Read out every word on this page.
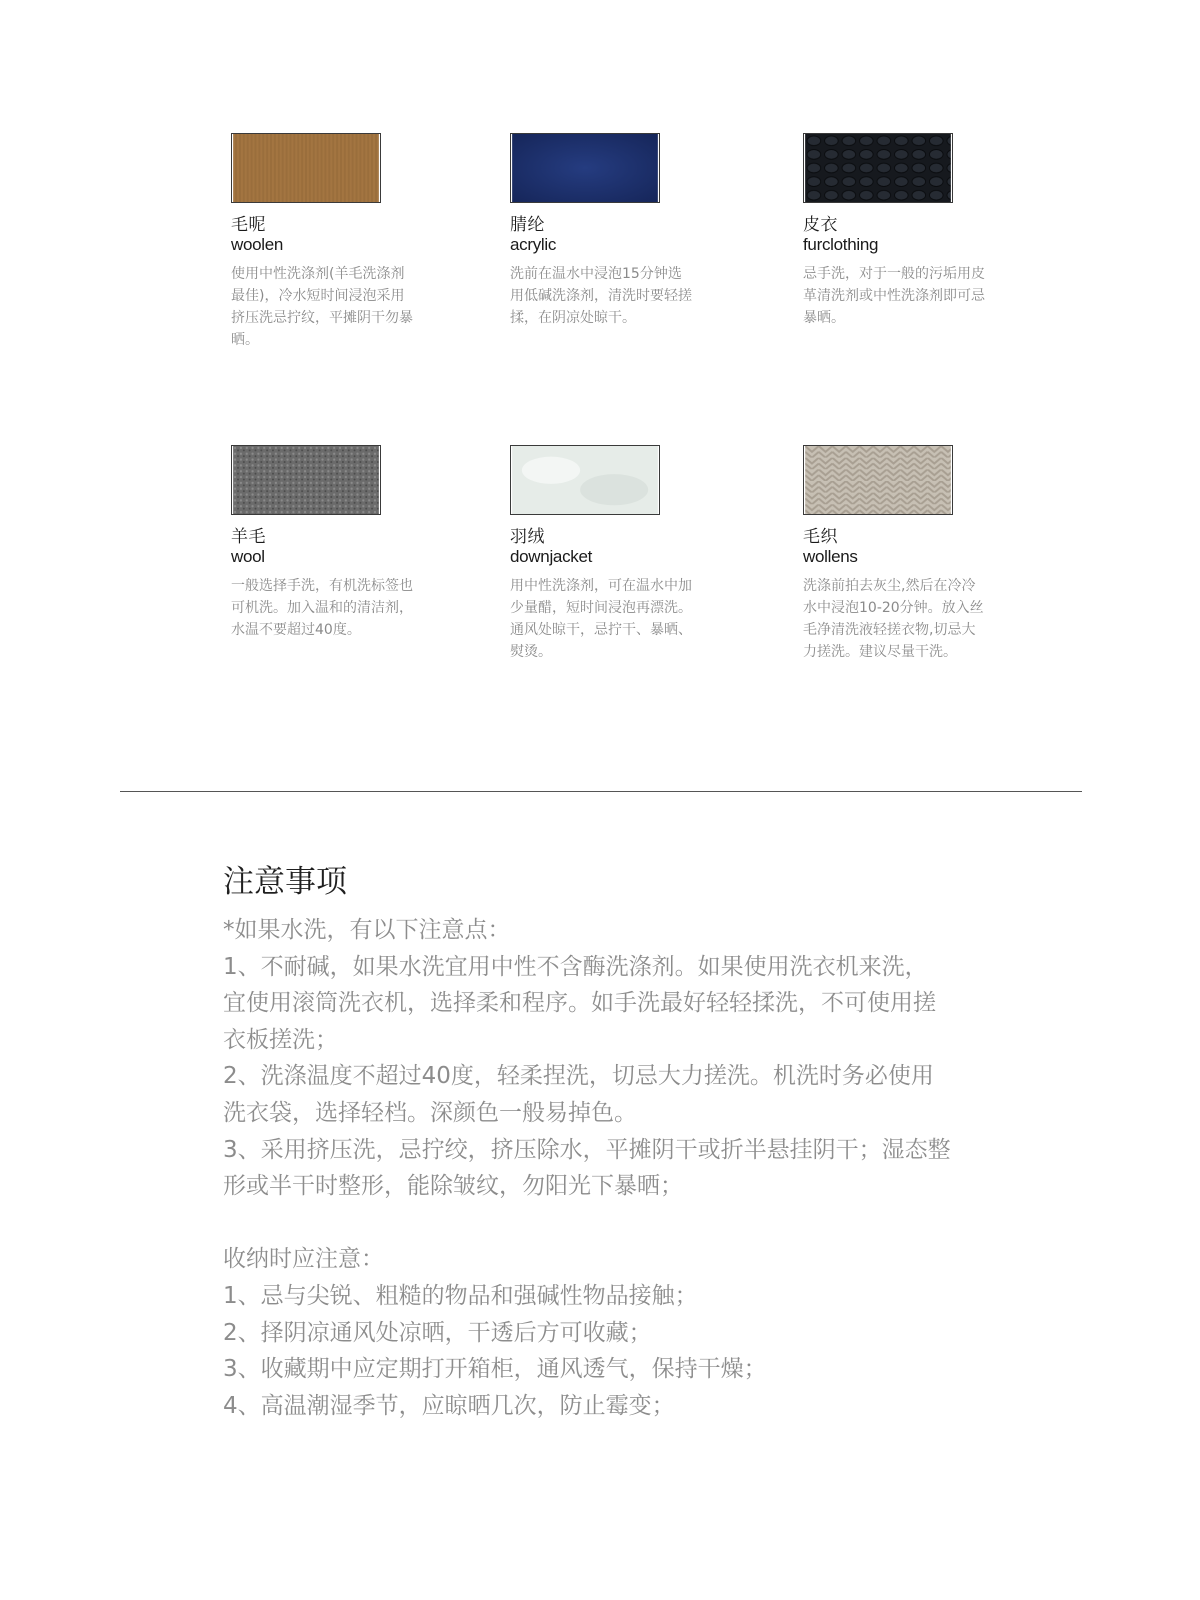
毛呢
woolen
使用中性洗涤剂(羊毛洗涤剂最佳)，冷水短时间浸泡采用挤压洗忌拧纹，平摊阴干勿暴晒。
腈纶
acrylic
洗前在温水中浸泡15分钟选用低碱洗涤剂，清洗时要轻搓揉，在阴凉处晾干。
皮衣
furclothing
忌手洗，对于一般的污垢用皮革清洗剂或中性洗涤剂即可忌暴晒。
羊毛
wool
一般选择手洗，有机洗标签也可机洗。加入温和的清洁剂，水温不要超过40度。
羽绒
downjacket
用中性洗涤剂，可在温水中加少量醋，短时间浸泡再漂洗。通风处晾干，忌拧干、暴晒、熨烫。
毛织
wollens
洗涤前拍去灰尘,然后在冷冷水中浸泡10-20分钟。放入丝毛净清洗液轻搓衣物,切忌大力搓洗。建议尽量干洗。
注意事项
*如果水洗，有以下注意点：
1、不耐碱，如果水洗宜用中性不含酶洗涤剂。如果使用洗衣机来洗，
宜使用滚筒洗衣机，选择柔和程序。如手洗最好轻轻揉洗，不可使用搓
衣板搓洗；
2、洗涤温度不超过40度，轻柔捏洗，切忌大力搓洗。机洗时务必使用
洗衣袋，选择轻档。深颜色一般易掉色。
3、采用挤压洗，忌拧绞，挤压除水，平摊阴干或折半悬挂阴干；湿态整
形或半干时整形，能除皱纹，勿阳光下暴晒；
收纳时应注意：
1、忌与尖锐、粗糙的物品和强碱性物品接触；
2、择阴凉通风处凉晒，干透后方可收藏；
3、收藏期中应定期打开箱柜，通风透气，保持干燥；
4、高温潮湿季节，应晾晒几次，防止霉变；
